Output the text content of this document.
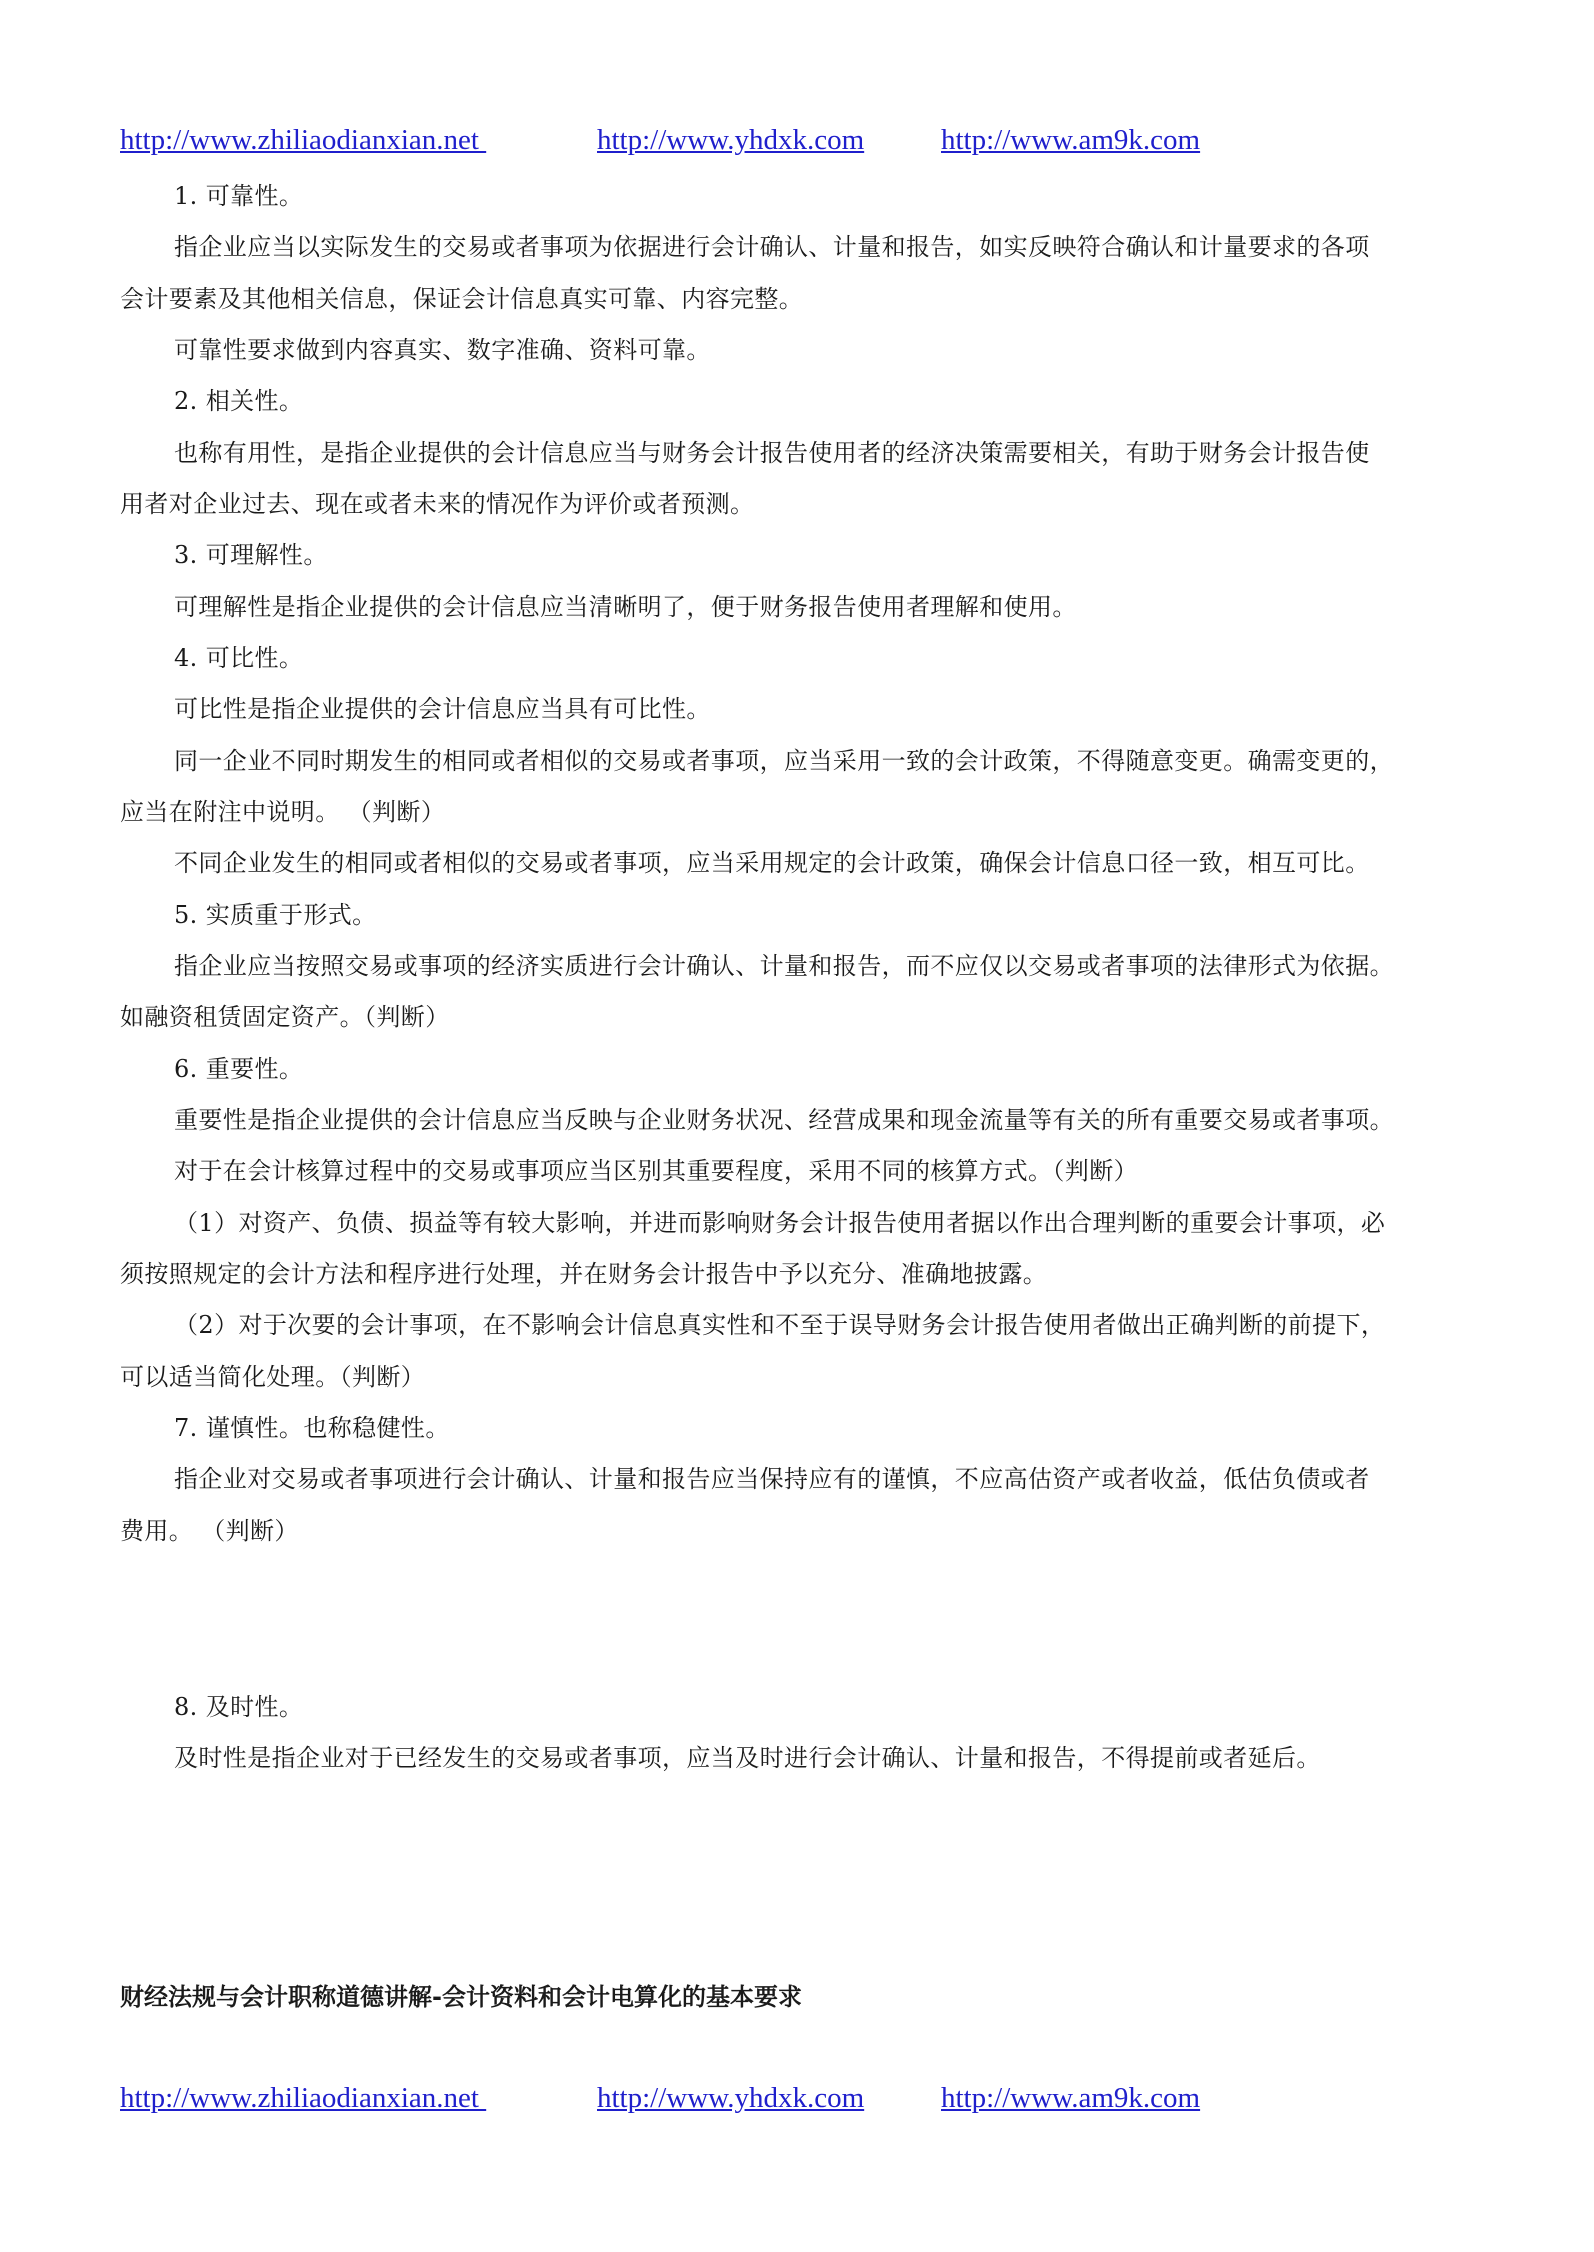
http://www.zhiliaodianxian.net	http://www.yhdxk.com	http://www.am9k.com
1. 可靠性。
指企业应当以实际发生的交易或者事项为依据进行会计确认、计量和报告，如实反映符合确认和计量要求的各项
会计要素及其他相关信息，保证会计信息真实可靠、内容完整。
可靠性要求做到内容真实、数字准确、资料可靠。
2. 相关性。
也称有用性，是指企业提供的会计信息应当与财务会计报告使用者的经济决策需要相关，有助于财务会计报告使
用者对企业过去、现在或者未来的情况作为评价或者预测。
3. 可理解性。
可理解性是指企业提供的会计信息应当清晰明了，便于财务报告使用者理解和使用。
4. 可比性。
可比性是指企业提供的会计信息应当具有可比性。
同一企业不同时期发生的相同或者相似的交易或者事项，应当采用一致的会计政策，不得随意变更。确需变更的，
应当在附注中说明。 （判断）
不同企业发生的相同或者相似的交易或者事项，应当采用规定的会计政策，确保会计信息口径一致，相互可比。
5. 实质重于形式。
指企业应当按照交易或事项的经济实质进行会计确认、计量和报告，而不应仅以交易或者事项的法律形式为依据。
如融资租赁固定资产。（判断）
6. 重要性。
重要性是指企业提供的会计信息应当反映与企业财务状况、经营成果和现金流量等有关的所有重要交易或者事项。
对于在会计核算过程中的交易或事项应当区别其重要程度，采用不同的核算方式。（判断）
（1）对资产、负债、损益等有较大影响，并进而影响财务会计报告使用者据以作出合理判断的重要会计事项，必
须按照规定的会计方法和程序进行处理，并在财务会计报告中予以充分、准确地披露。
（2）对于次要的会计事项，在不影响会计信息真实性和不至于误导财务会计报告使用者做出正确判断的前提下，
可以适当简化处理。（判断）
7. 谨慎性。也称稳健性。
指企业对交易或者事项进行会计确认、计量和报告应当保持应有的谨慎，不应高估资产或者收益，低估负债或者
费用。 （判断）
8. 及时性。
及时性是指企业对于已经发生的交易或者事项，应当及时进行会计确认、计量和报告，不得提前或者延后。
财经法规与会计职称道德讲解-会计资料和会计电算化的基本要求
http://www.zhiliaodianxian.net	http://www.yhdxk.com	http://www.am9k.com
